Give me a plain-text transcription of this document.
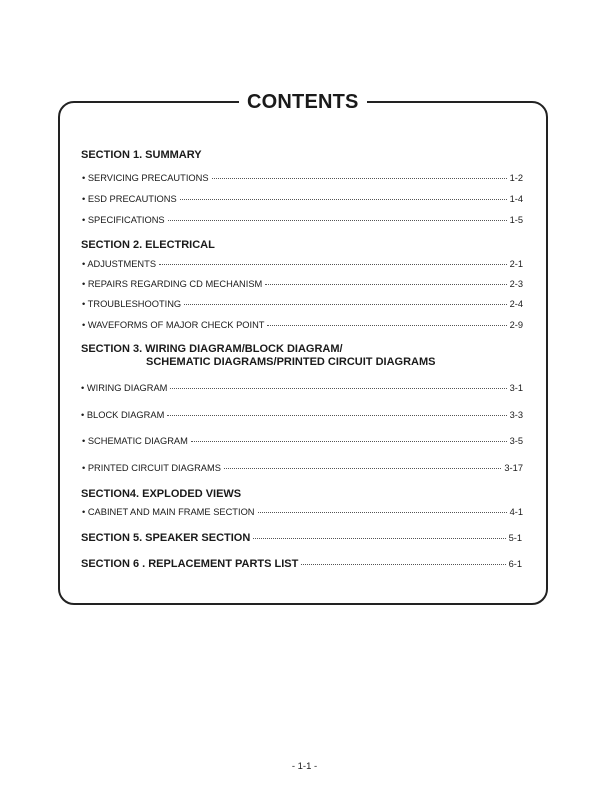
CONTENTS
SECTION 1. SUMMARY
• SERVICING PRECAUTIONS	1-2
• ESD PRECAUTIONS	1-4
• SPECIFICATIONS	1-5
SECTION 2. ELECTRICAL
• ADJUSTMENTS	2-1
• REPAIRS REGARDING CD MECHANISM	2-3
• TROUBLESHOOTING	2-4
• WAVEFORMS OF MAJOR CHECK POINT	2-9
SECTION 3. WIRING DIAGRAM/BLOCK DIAGRAM/
SCHEMATIC DIAGRAMS/PRINTED CIRCUIT DIAGRAMS
• WIRING DIAGRAM	3-1
• BLOCK DIAGRAM	3-3
• SCHEMATIC DIAGRAM	3-5
• PRINTED CIRCUIT DIAGRAMS	3-17
SECTION4. EXPLODED VIEWS
• CABINET AND MAIN FRAME SECTION	4-1
SECTION 5. SPEAKER SECTION	5-1
SECTION 6 . REPLACEMENT PARTS LIST	6-1
- 1-1 -
